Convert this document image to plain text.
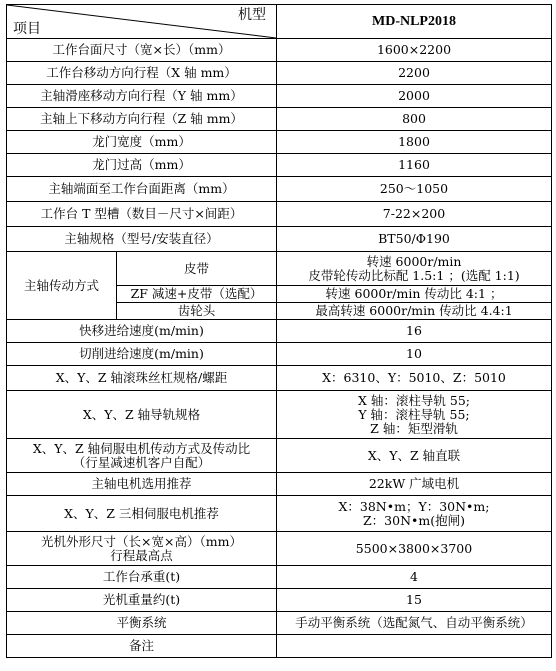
机型
项目		MD-NLP2018
工作台面尺寸（宽×长）（mm）		1600×2200
工作台移动方向行程（X 轴 mm）		2200
主轴滑座移动方向行程（Y 轴 mm）		2000
主轴上下移动方向行程（Z 轴 mm）		800
龙门宽度（mm）		1800
龙门过高（mm）		1160
主轴端面至工作台面距离（mm）		250～1050
工作台 T 型槽（数目－尺寸×间距）		7-22×200
主轴规格（型号/安装直径）		BT50/Φ190
主轴传动方式	皮带	转速 6000r/min
皮带轮传动比标配 1.5:1 ；(选配 1:1)

	ZF 减速+皮带（选配）	转速 6000r/min 传动比 4:1 ；
	齿轮头	最高转速 6000r/min 传动比 4.4:1
快移进给速度(m/min)		16
切削进给速度(m/min)		10
X、Y、Z 轴滚珠丝杠规格/螺距		X：6310、Y：5010、Z：5010
X、Y、Z 轴导轨规格		X 轴：滚柱导轨 55;
Y 轴：滚柱导轨 55;
Z 轴：矩型滑轨

X、Y、Z 轴伺服电机传动方式及传动比
（行星减速机客户自配）		X、Y、Z 轴直联
主轴电机选用推荐		22kW 广域电机
X、Y、Z 三相伺服电机推荐		X：38N•m；Y：30N•m;
Z：30N•m(抱闸)

光机外形尺寸（长×宽×高）（mm）
行程最高点		5500×3800×3700
工作台承重(t)		4
光机重量约(t)		15
平衡系统		手动平衡系统（选配氮气、自动平衡系统）
备注		
